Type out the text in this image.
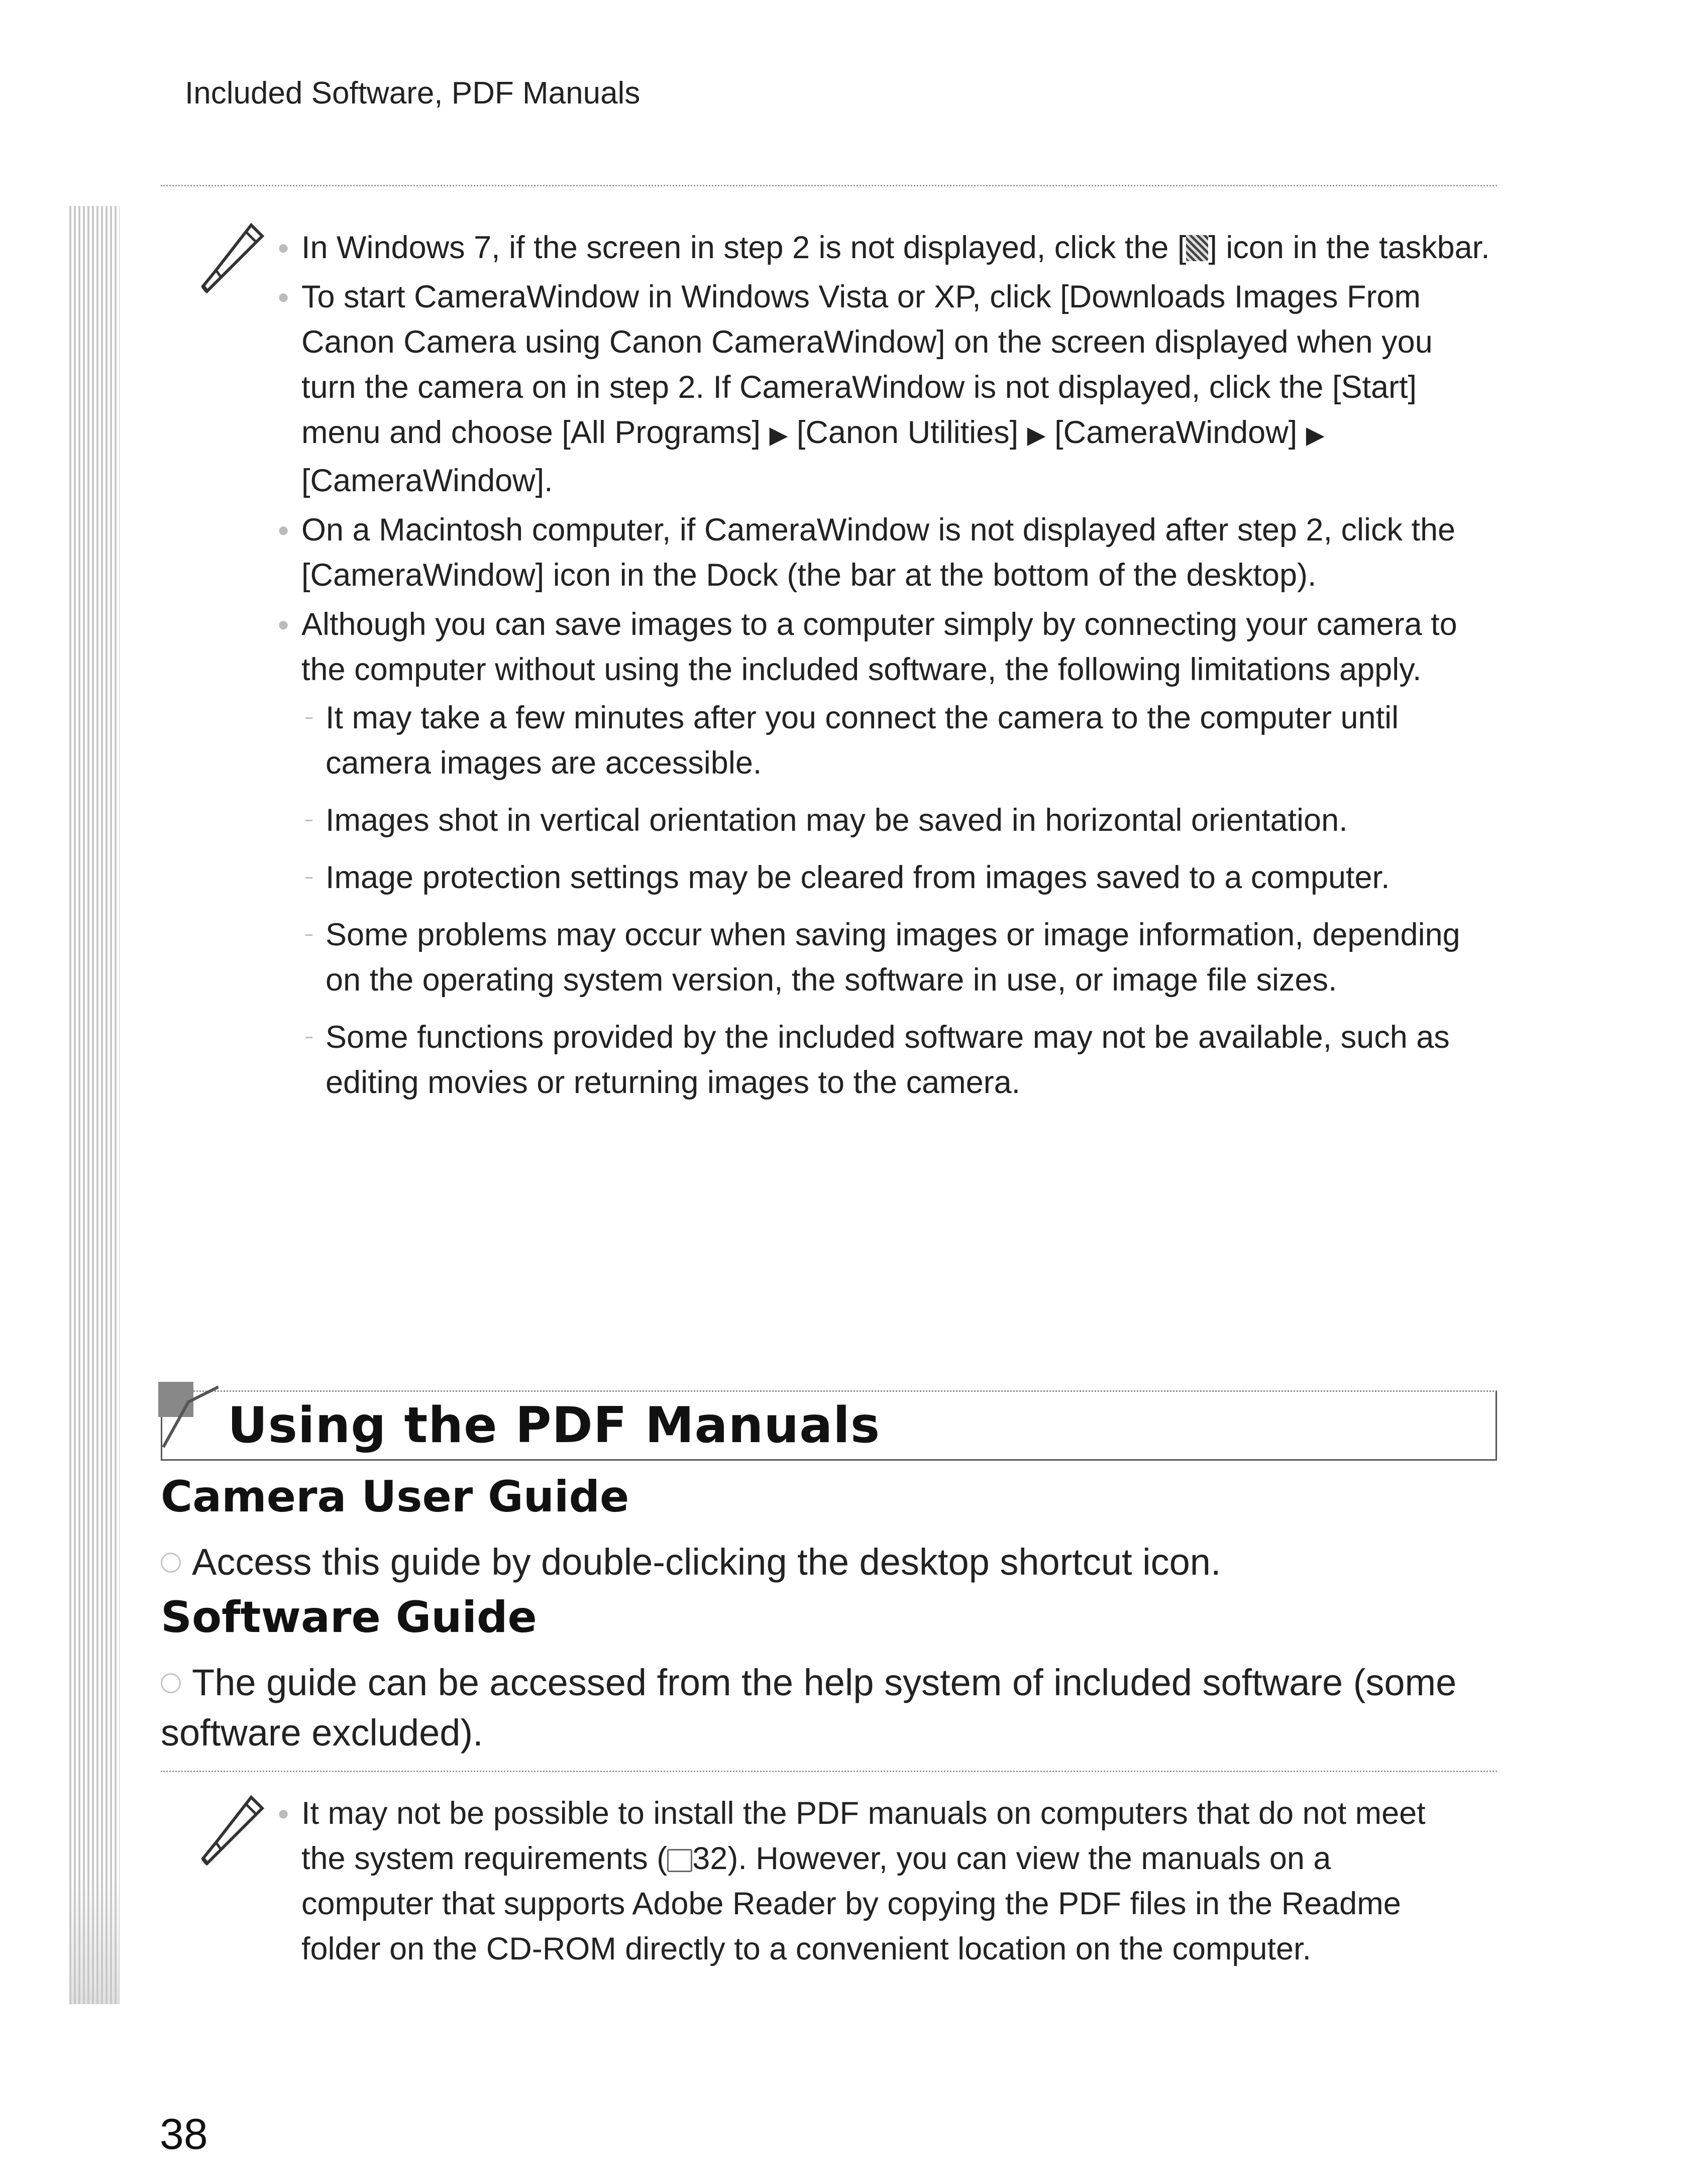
Included Software, PDF Manuals
● In Windows 7, if the screen in step 2 is not displayed, click the [ ] icon in the taskbar.
● To start CameraWindow in Windows Vista or XP, click [Downloads Images From Canon Camera using Canon CameraWindow] on the screen displayed when you turn the camera on in step 2. If CameraWindow is not displayed, click the [Start] menu and choose [All Programs] ▶ [Canon Utilities] ▶ [CameraWindow] ▶ [CameraWindow].
● On a Macintosh computer, if CameraWindow is not displayed after step 2, click the [CameraWindow] icon in the Dock (the bar at the bottom of the desktop).
● Although you can save images to a computer simply by connecting your camera to the computer without using the included software, the following limitations apply.
It may take a few minutes after you connect the camera to the computer until camera images are accessible.
Images shot in vertical orientation may be saved in horizontal orientation.
Image protection settings may be cleared from images saved to a computer.
Some problems may occur when saving images or image information, depending on the operating system version, the software in use, or image file sizes.
Some functions provided by the included software may not be available, such as editing movies or returning images to the camera.
Using the PDF Manuals
Camera User Guide
Access this guide by double-clicking the desktop shortcut icon.
Software Guide
The guide can be accessed from the help system of included software (some software excluded).
● It may not be possible to install the PDF manuals on computers that do not meet the system requirements ( 32). However, you can view the manuals on a computer that supports Adobe Reader by copying the PDF files in the Readme folder on the CD-ROM directly to a convenient location on the computer.
38
